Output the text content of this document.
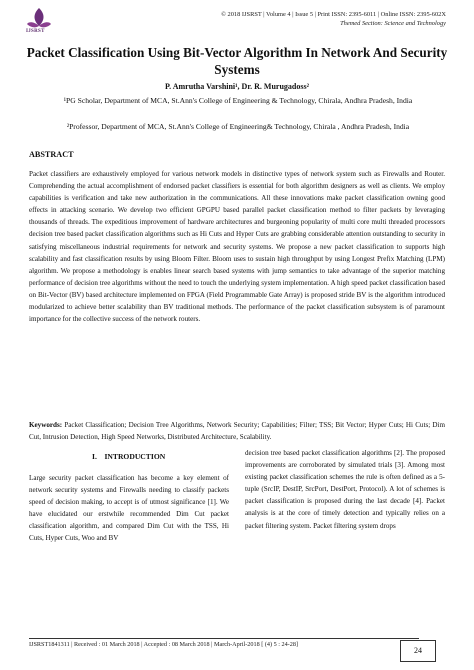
IJSRST
© 2018 IJSRST | Volume 4 | Issue 5 | Print ISSN: 2395-6011 | Online ISSN: 2395-602X
Themed Section: Science and Technology
Packet Classification Using Bit-Vector Algorithm In Network And Security Systems
P. Amrutha Varshini¹, Dr. R. Murugadoss²
¹PG Scholar, Department of MCA, St.Ann's College of Engineering & Technology, Chirala, Andhra Pradesh, India
²Professor, Department of MCA, St.Ann's College of Engineering& Technology, Chirala , Andhra Pradesh, India
ABSTRACT

Packet classifiers are exhaustively employed for various network models in distinctive types of network system such as Firewalls and Router. Comprehending the actual accomplishment of endorsed packet classifiers is essential for both algorithm designers as well as clients. We employ capabilities is verification and take new authorization in the communications. All these innovations make packet classification owning good effects in attacking scenario. We develop two efficient GPGPU based parallel packet classification method to filter packets by leveraging thousands of threads. The expeditious improvement of hardware architectures and burgeoning popularity of multi core multi threaded processors decision tree based packet classification algorithms such as Hi Cuts and Hyper Cuts are grabbing considerable attention outstanding to security in satisfying miscellaneous industrial requirements for network and security systems. We propose a new packet classification to supports high scalability and fast classification results by using Bloom Filter. Bloom uses to sustain high throughput by using Longest Prefix Matching (LPM) algorithm. We propose a methodology is enables linear search based systems with jump semantics to take advantage of the superior matching performance of decision tree algorithms without the need to touch the underlying system implementation. A high speed packet classification based on Bit-Vector (BV) based architecture implemented on FPGA (Field Programmable Gate Array) is proposed stride BV is the algorithm introduced modularized to achieve better scalability than BV traditional methods. The performance of the packet classification subsystem is of paramount importance for the collective success of the network routers.

Keywords: Packet Classification; Decision Tree Algorithms, Network Security; Capabilities; Filter; TSS; Bit Vector; Hyper Cuts; Hi Cuts; Dim Cut, Intrusion Detection, High Speed Networks, Distributed Architecture, Scalability.

I.    INTRODUCTION

Large security packet classification has become a key element of network security systems and Firewalls needing to classify packets speed of decision making, to accept is of utmost significance [1]. We have elucidated our erstwhile recommended Dim Cut packet classification algorithm, and compared Dim Cut with the TSS, Hi Cuts, Hyper Cuts, Woo and BV

decision tree based packet classification algorithms [2]. The proposed improvements are corroborated by simulated trials [3]. Among most existing packet classification schemes the rule is often defined as a 5-tuple (SrcIP, DestIP, SrcPort, DestPort, Protocol). A lot of schemes is packet classification is proposed during the last decade [4]. Packet analysis is at the core of timely detection and typically relies on a packet filtering system. Packet filtering system drops

IJSRST1841311 | Received : 01 March 2018 | Accepted : 08 March 2018 | March-April-2018 [ (4) 5 : 24-28]
24
